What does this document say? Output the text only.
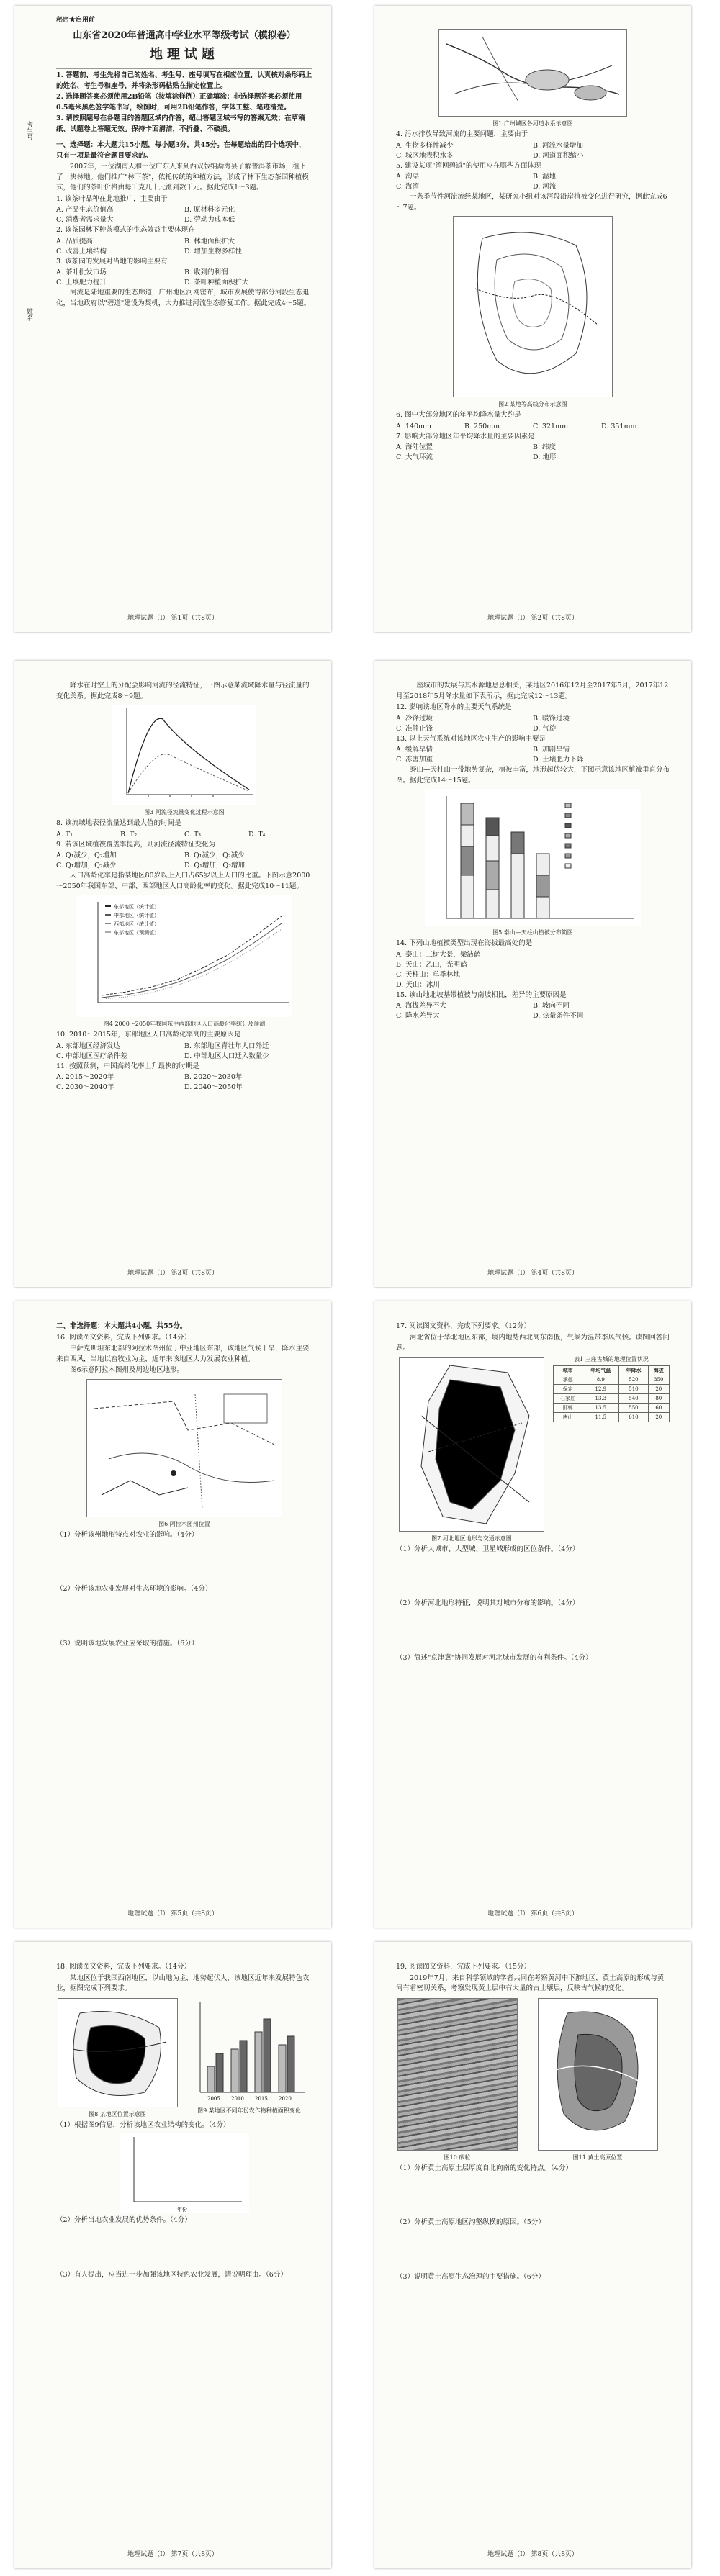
秘密★启用前
考生号
姓名
山东省2020年普通高中学业水平等级考试（模拟卷）
地理试题

1. 答题前，考生先将自己的姓名、考生号、座号填写在相应位置，认真核对条形码上的姓名、考生号和座号，并将条形码粘贴在指定位置上。

2. 选择题答案必须使用2B铅笔（按填涂样例）正确填涂；非选择题答案必须使用0.5毫米黑色签字笔书写，绘图时，可用2B铅笔作答，字体工整、笔迹清楚。

3. 请按照题号在各题目的答题区域内作答，超出答题区域书写的答案无效；在草稿纸、试题卷上答题无效。保持卡面清洁，不折叠、不破损。

一、选择题：本大题共15小题，每小题3分，共45分。在每题给出的四个选项中，只有一项是最符合题目要求的。

2007年，一位湖南人和一位广东人来到西双版纳勐海县了解普洱茶市场，租下了一块林地。他们推广"林下茶"，依托传统的种植方法，形成了林下生态茶园种植模式，他们的茶叶价格由每千克几十元涨到数千元。据此完成1～3题。

1. 该茶叶品种在此地推广，主要由于

A. 产品生态价值高	B. 原材料多元化
C. 消费者需求量大	D. 劳动力成本低

2. 该茶园林下种茶模式的生态效益主要体现在

A. 品质提高	B. 林地面积扩大
C. 改善土壤结构	D. 增加生物多样性

3. 该茶园的发展对当地的影响主要有

A. 茶叶批发市场	B. 收到的利润
C. 土壤肥力提升	D. 茶叶种植面积扩大

河流是陆地重要的生态廊道，广州地区河网密布，城市发展使得部分河段生态退化，当地政府以"碧道"建设为契机，大力推进河流生态修复工作。据此完成4～5题。

地理试题（Ⅰ） 第1页（共8页）
图1 广州城区各河道水系示意图

4. 污水排放导致河流的主要问题，主要由于

A. 生物多样性减少	B. 河流水量增加
C. 城区地表积水多	D. 河道面积缩小

5. 建设某项"湾网碧道"的使用应在哪些方面体现

A. 沟渠	B. 湿地
C. 海湾	D. 河流

一条季节性河流流经某地区，某研究小组对该河段沿岸植被变化进行研究，据此完成6～7题。

图2 某地等高线分布示意图

6. 图中大部分地区的年平均降水量大约是

A. 140mm	B. 250mm	C. 321mm	D. 351mm

7. 影响大部分地区年平均降水量的主要因素是

A. 海陆位置	B. 纬度
C. 大气环流	D. 地形
地理试题（Ⅰ） 第2页（共8页）

降水在时空上的分配会影响河流的径流特征，下图示意某流域降水量与径流量的变化关系。据此完成8～9题。

图3 河流径流量变化过程示意图

8. 该流域地表径流量达到最大值的时间是

A. T₁	B. T₂	C. T₃	D. T₄

9. 若该区域植被覆盖率提高，则河流径流特征变化为

A. Q₁减少，Q₂增加	B. Q₁减少，Q₂减少
C. Q₁增加，Q₂减少	D. Q₁增加，Q₂增加

人口高龄化率是指某地区80岁以上人口占65岁以上人口的比重。下图示意2000～2050年我国东部、中部、西部地区人口高龄化率的变化。据此完成10～11题。

东部地区（统计值）
中部地区（统计值）
西部地区（统计值）
东部地区（预测值）
图4 2000～2050年我国东中西部地区人口高龄化率统计及预测

10. 2010～2015年，东部地区人口高龄化率高的主要原因是

A. 东部地区经济发达	B. 东部地区青壮年人口外迁
C. 中部地区医疗条件差	D. 中部地区人口迁入数量少

11. 按照预测，中国高龄化率上升最快的时期是

A. 2015～2020年	B. 2020～2030年
C. 2030～2040年	D. 2040～2050年
地理试题（Ⅰ） 第3页（共8页）

一座城市的发展与其水源地息息相关，某地区2016年12月至2017年5月，2017年12月至2018年5月降水量如下表所示，据此完成12～13题。

12. 影响该地区降水的主要天气系统是

A. 冷锋过境	B. 暖锋过境
C. 准静止锋	D. 气旋

13. 以上天气系统对该地区农业生产的影响主要是

A. 缓解旱情	B. 加剧旱情
C. 冻害加重	D. 土壤肥力下降

泰山—天柱山一带地势复杂，植被丰富，地形起伏较大，下图示意该地区植被垂直分布图。据此完成14～15题。

图5 泰山—天柱山植被分布简图

14. 下列山地植被类型出现在海拔最高处的是

A. 泰山：三树大景，梁洁鹤
B. 天山：乙山，光明鹤
C. 天柱山：单季林地
D. 天山：冰川

15. 该山地北坡基带植被与南坡相比，差异的主要原因是

A. 海拔差异不大	B. 坡向不同
C. 降水差异大	D. 热量条件不同
地理试题（Ⅰ） 第4页（共8页）

二、非选择题：本大题共4小题，共55分。

16. 阅读图文资料，完成下列要求。（14分）

中萨克斯坦东北部的阿拉木图州位于中亚地区东部，该地区气候干旱，降水主要来自西风，当地以畜牧业为主，近年来该地区大力发展农业种植。

图6示意阿拉木图州及周边地区地形。

图6 阿拉木图州位置

（1）分析该州地形特点对农业的影响。（4分）

（2）分析该地农业发展对生态环境的影响。（4分）

（3）说明该地发展农业应采取的措施。（6分）

地理试题（Ⅰ） 第5页（共8页）

17. 阅读图文资料，完成下列要求。（12分）

河北省位于华北地区东部，境内地势西北高东南低，气候为温带季风气候。读图回答问题。

图7 河北地区地形与交通示意图
表1 三座古城的地理位置状况
城市	年均气温	年降水	海拔
承德	8.9	520	350
保定	12.9	510	20
石家庄	13.3	540	80
邯郸	13.5	550	60
唐山	11.5	610	20

（1）分析大城市、大型城、卫星城形成的区位条件。（4分）

（2）分析河北地形特征，说明其对城市分布的影响。（4分）

（3）简述"京津冀"协同发展对河北城市发展的有利条件。（4分）

地理试题（Ⅰ） 第6页（共8页）

18. 阅读图文资料，完成下列要求。（14分）

某地区位于我国西南地区，以山地为主，地势起伏大，该地区近年来发展特色农业，据图完成下列要求。

图8 某地区位置示意图
2005 2010 2015 2020
图9 某地区不同年份农作物种植面积变化

（1）根据图9信息，分析该地区农业结构的变化。（4分）

年份

（2）分析当地农业发展的优势条件。（4分）

（3）有人提出，应当进一步加强该地区特色农业发展，请说明理由。（6分）

地理试题（Ⅰ） 第7页（共8页）

19. 阅读图文资料，完成下列要求。（15分）

2019年7月，来自科学领域的学者共同在考察黄河中下游地区，黄土高原的形成与黄河有着密切关系，考察发现黄土层中有大量的古土壤层，反映古气候的变化。

图10 砂粒	图11 黄土高原位置

（1）分析黄土高原土层厚度自北向南的变化特点。（4分）

（2）分析黄土高原地区沟壑纵横的原因。（5分）

（3）说明黄土高原生态治理的主要措施。（6分）

地理试题（Ⅰ） 第8页（共8页）
